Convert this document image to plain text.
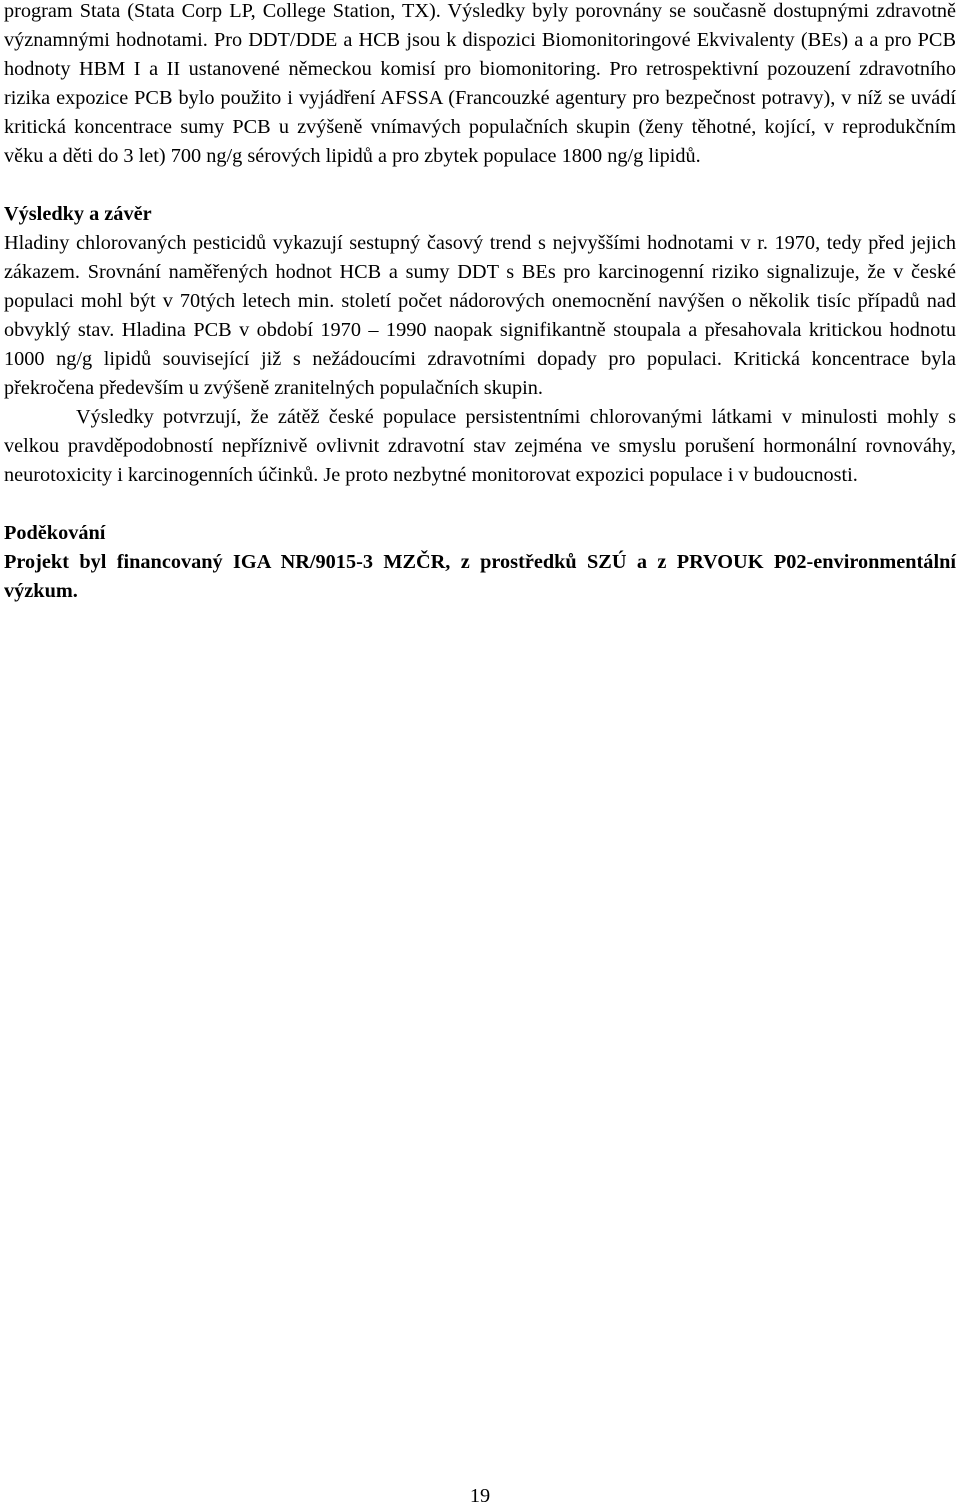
program Stata (Stata Corp LP, College Station, TX). Výsledky byly porovnány se současně dostupnými zdravotně významnými hodnotami. Pro DDT/DDE a HCB jsou k dispozici Biomonitoringové Ekvivalenty (BEs) a a pro PCB hodnoty HBM I a II ustanovené německou komisí pro biomonitoring. Pro retrospektivní pozouzení zdravotního rizika expozice PCB bylo použito i vyjádření AFSSA (Francouzké agentury pro bezpečnost potravy), v níž se uvádí kritická koncentrace sumy PCB u zvýšeně vnímavých populačních skupin (ženy těhotné, kojící, v reprodukčním věku a děti do 3 let) 700 ng/g sérových lipidů a pro zbytek populace 1800 ng/g lipidů.

Výsledky a závěr

Hladiny chlorovaných pesticidů vykazují sestupný časový trend s nejvyššími hodnotami v r. 1970, tedy před jejich zákazem. Srovnání naměřených hodnot HCB a sumy DDT s BEs pro karcinogenní riziko signalizuje, že v české populaci mohl být v 70tých letech min. století počet nádorových onemocnění navýšen o několik tisíc případů nad obvyklý stav. Hladina PCB v období 1970 – 1990 naopak signifikantně stoupala a přesahovala kritickou hodnotu 1000 ng/g lipidů související již s nežádoucími zdravotními dopady pro populaci. Kritická koncentrace byla překročena především u zvýšeně zranitelných populačních skupin.

Výsledky potvrzují, že zátěž české populace persistentními chlorovanými látkami v minulosti mohly s velkou pravděpodobností nepříznivě ovlivnit zdravotní stav zejména ve smyslu porušení hormonální rovnováhy, neurotoxicity i karcinogenních účinků. Je proto nezbytné monitorovat expozici populace i v budoucnosti.

Poděkování

Projekt byl financovaný IGA NR/9015-3 MZČR, z prostředků SZÚ a z PRVOUK P02-environmentální výzkum.

19
